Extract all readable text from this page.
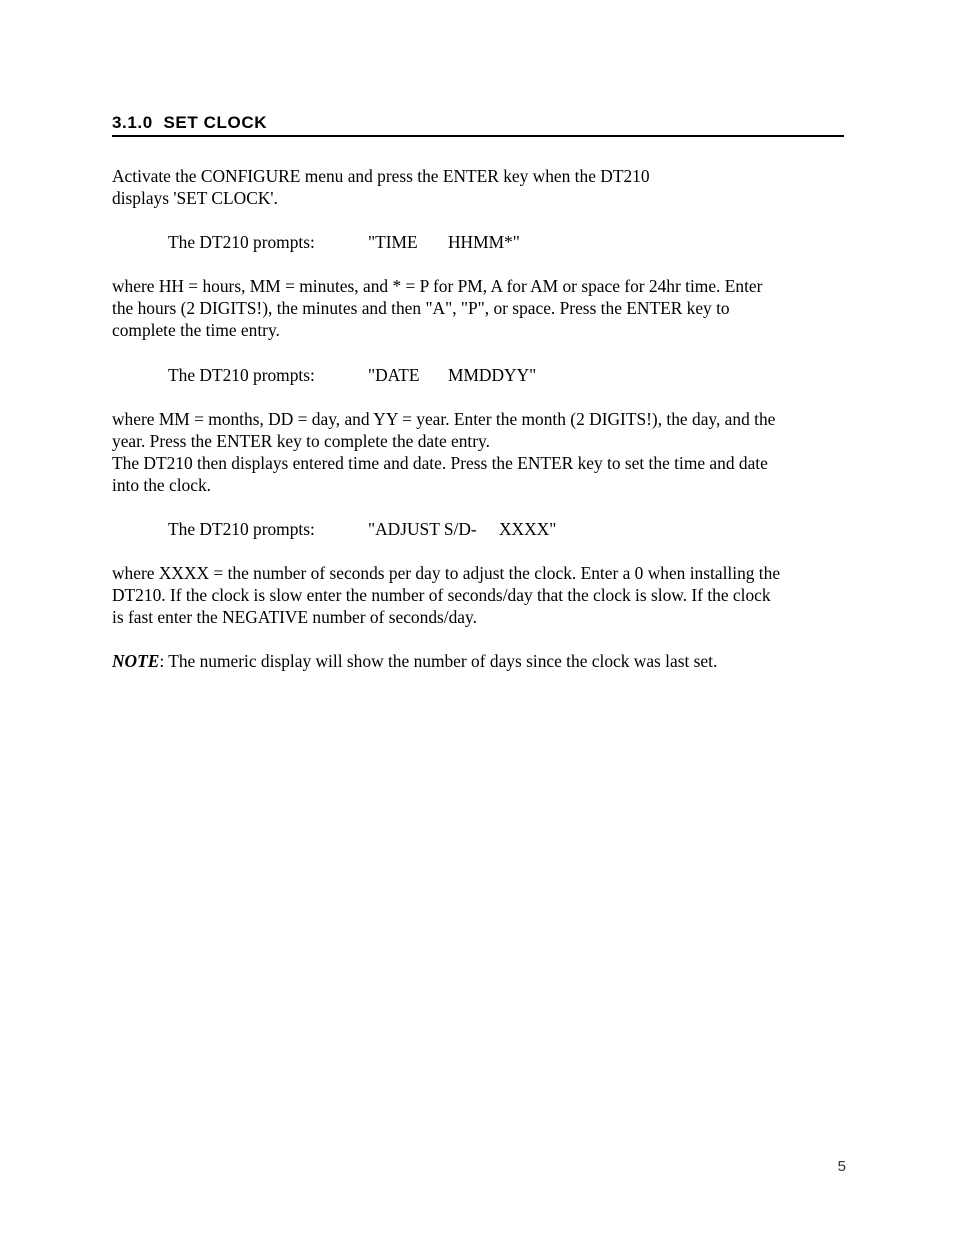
3.1.0  SET CLOCK

Activate the CONFIGURE menu and press the ENTER key when the DT210
displays 'SET CLOCK'.

The DT210 prompts:	"TIME HHMM*"

where HH = hours, MM = minutes, and * = P for PM, A for AM or space for 24hr time. Enter
the hours (2 DIGITS!), the minutes and then "A", "P", or space. Press the ENTER key to
complete the time entry.

The DT210 prompts:	"DATE MMDDYY"

where MM = months, DD = day, and YY = year. Enter the month (2 DIGITS!), the day, and the
year. Press the ENTER key to complete the date entry.
The DT210 then displays entered time and date. Press the ENTER key to set the time and date
into the clock.

The DT210 prompts:	"ADJUST S/D- XXXX"

where XXXX = the number of seconds per day to adjust the clock. Enter a 0 when installing the
DT210. If the clock is slow enter the number of seconds/day that the clock is slow. If the clock
is fast enter the NEGATIVE number of seconds/day.

NOTE: The numeric display will show the number of days since the clock was last set.

5
